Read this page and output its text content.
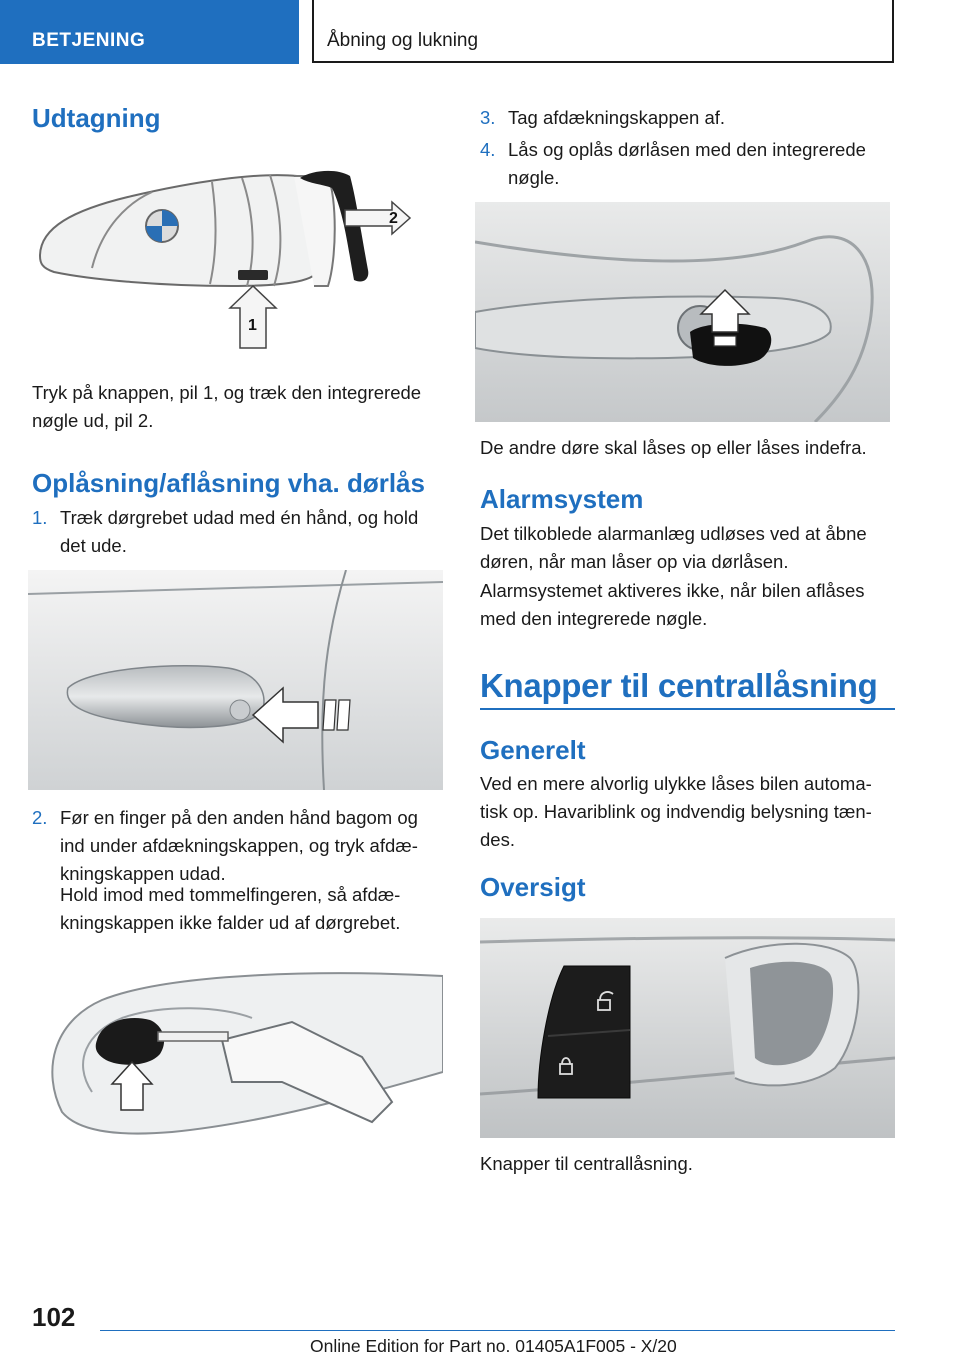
BETJENING	Åbning og lukning
Udtagning
2
1

Tryk på knappen, pil 1, og træk den integrerede nøgle ud, pil 2.

Oplåsning/aflåsning vha. dørlås
1. Træk dørgrebet udad med én hånd, og hold det ude.
2. Før en finger på den anden hånd bagom og ind under afdækningskappen, og tryk afdæ-kningskappen udad.
Hold imod med tommelfingeren, så afdæ-kningskappen ikke falder ud af dørgrebet.
3. Tag afdækningskappen af.
4. Lås og oplås dørlåsen med den integrerede nøgle.

De andre døre skal låses op eller låses indefra.

Alarmsystem

Det tilkoblede alarmanlæg udløses ved at åbne døren, når man låser op via dørlåsen.

Alarmsystemet aktiveres ikke, når bilen aflåses med den integrerede nøgle.

Knapper til centrallåsning
Generelt

Ved en mere alvorlig ulykke låses bilen automa-tisk op. Havariblink og indvendig belysning tæn-des.

Oversigt

Knapper til centrallåsning.

102
Online Edition for Part no. 01405A1F005 - X/20
